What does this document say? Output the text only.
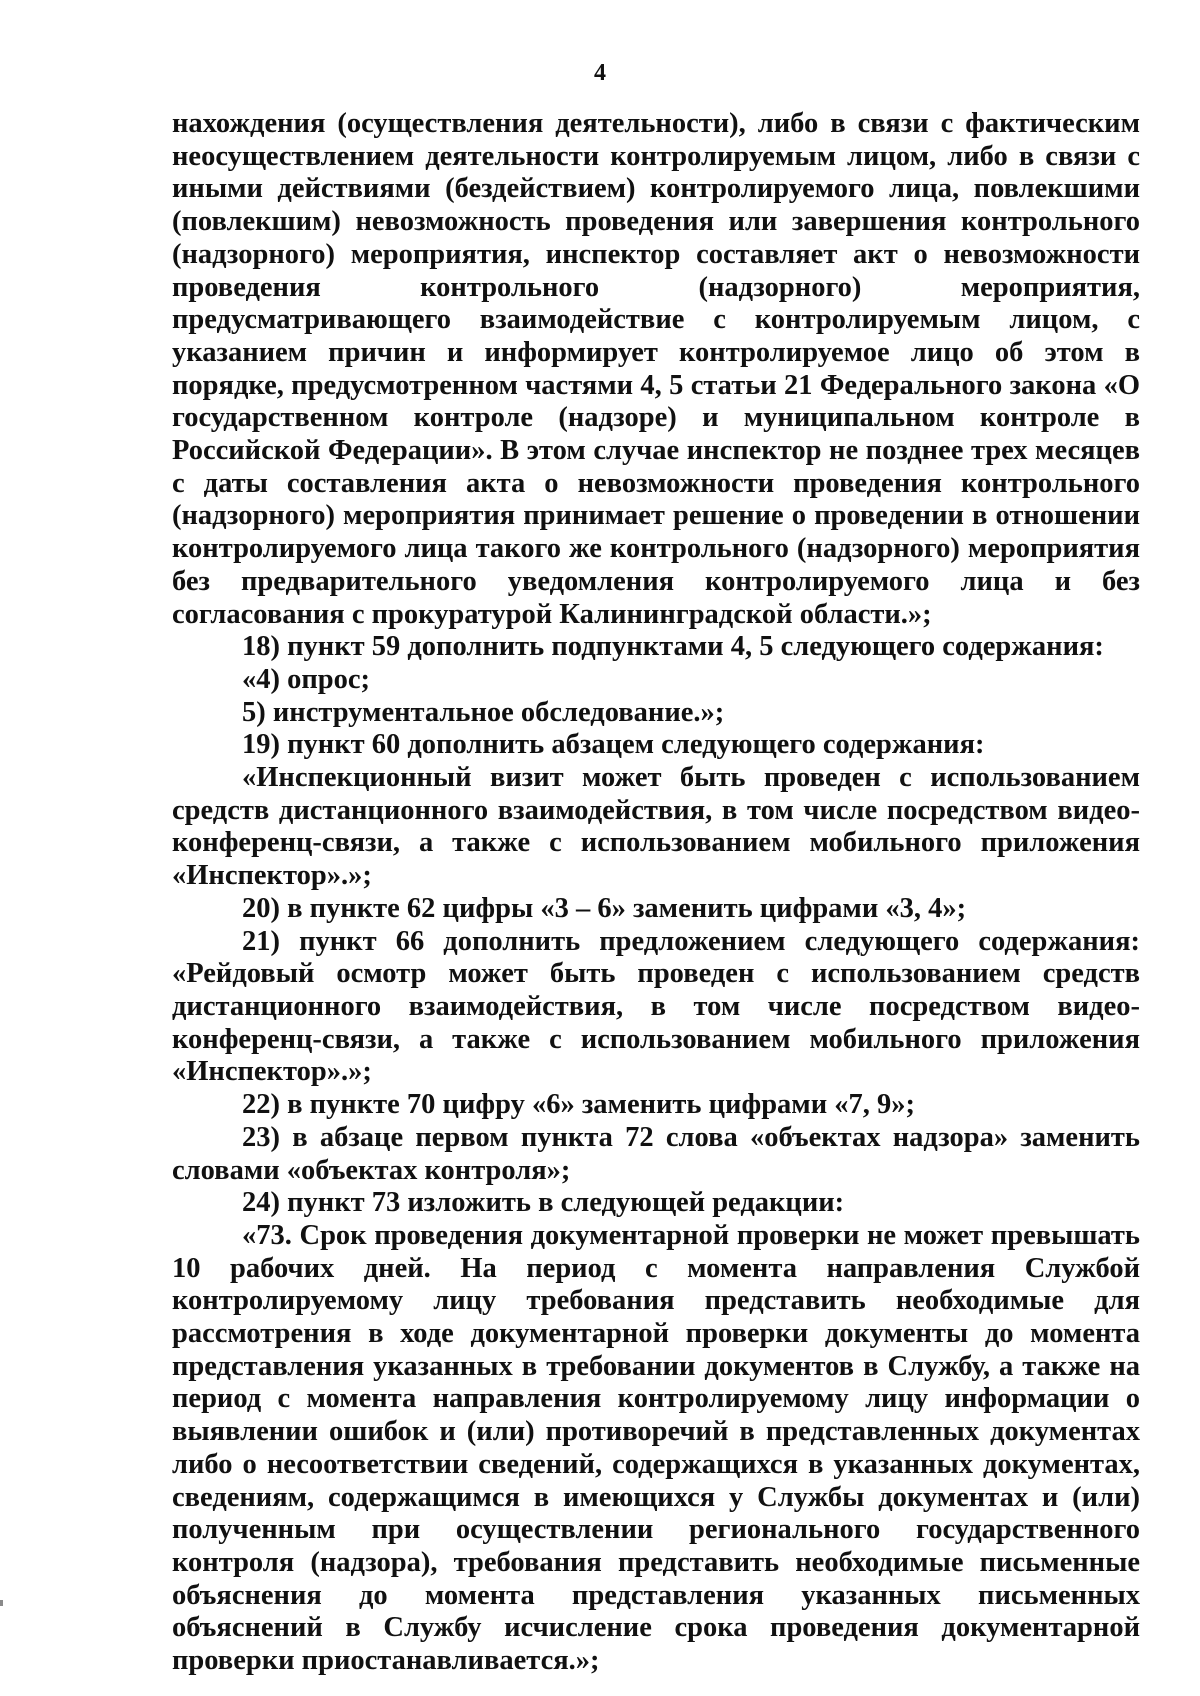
4

нахождения (осуществления деятельности), либо в связи с фактическим неосуществлением деятельности контролируемым лицом, либо в связи с иными действиями (бездействием) контролируемого лица, повлекшими (повлекшим) невозможность проведения или завершения контрольного (надзорного) мероприятия, инспектор составляет акт о невозможности проведения контрольного (надзорного) мероприятия, предусматривающего взаимодействие с контролируемым лицом, с указанием причин и информирует контролируемое лицо об этом в порядке, предусмотренном частями 4, 5 статьи 21 Федерального закона «О государственном контроле (надзоре) и муниципальном контроле в Российской Федерации». В этом случае инспектор не позднее трех месяцев с даты составления акта о невозможности проведения контрольного (надзорного) мероприятия принимает решение о проведении в отношении контролируемого лица такого же контрольного (надзорного) мероприятия без предварительного уведомления контролируемого лица и без согласования с прокуратурой Калининградской области.»;

18) пункт 59 дополнить подпунктами 4, 5 следующего содержания:

«4) опрос;

5) инструментальное обследование.»;

19) пункт 60 дополнить абзацем следующего содержания:

«Инспекционный визит может быть проведен с использованием средств дистанционного взаимодействия, в том числе посредством видео-конференц-связи, а также с использованием мобильного приложения «Инспектор».»;

20) в пункте 62 цифры «3 – 6» заменить цифрами «3, 4»;

21) пункт 66 дополнить предложением следующего содержания: «Рейдовый осмотр может быть проведен с использованием средств дистанционного взаимодействия, в том числе посредством видео-конференц-связи, а также с использованием мобильного приложения «Инспектор».»;

22) в пункте 70 цифру «6» заменить цифрами «7, 9»;

23) в абзаце первом пункта 72 слова «объектах надзора» заменить словами «объектах контроля»;

24) пункт 73 изложить в следующей редакции:

«73. Срок проведения документарной проверки не может превышать 10 рабочих дней. На период с момента направления Службой контролируемому лицу требования представить необходимые для рассмотрения в ходе документарной проверки документы до момента представления указанных в требовании документов в Службу, а также на период с момента направления контролируемому лицу информации о выявлении ошибок и (или) противоречий в представленных документах либо о несоответствии сведений, содержащихся в указанных документах, сведениям, содержащимся в имеющихся у Службы документах и (или) полученным при осуществлении регионального государственного контроля (надзора), требования представить необходимые письменные объяснения до момента представления указанных письменных объяснений в Службу исчисление срока проведения документарной проверки приостанавливается.»;
